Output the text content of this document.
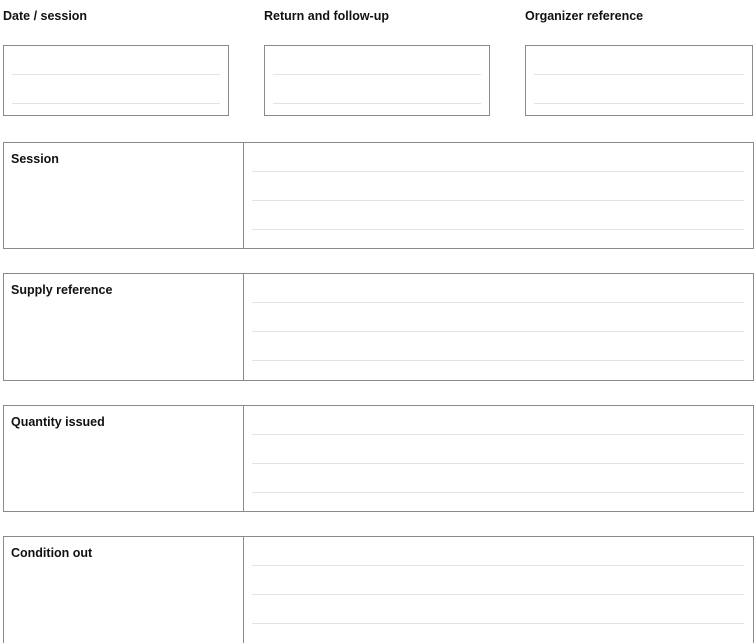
Date / session	Return and follow-up	Organizer reference
Session
Supply reference
Quantity issued
Condition out
